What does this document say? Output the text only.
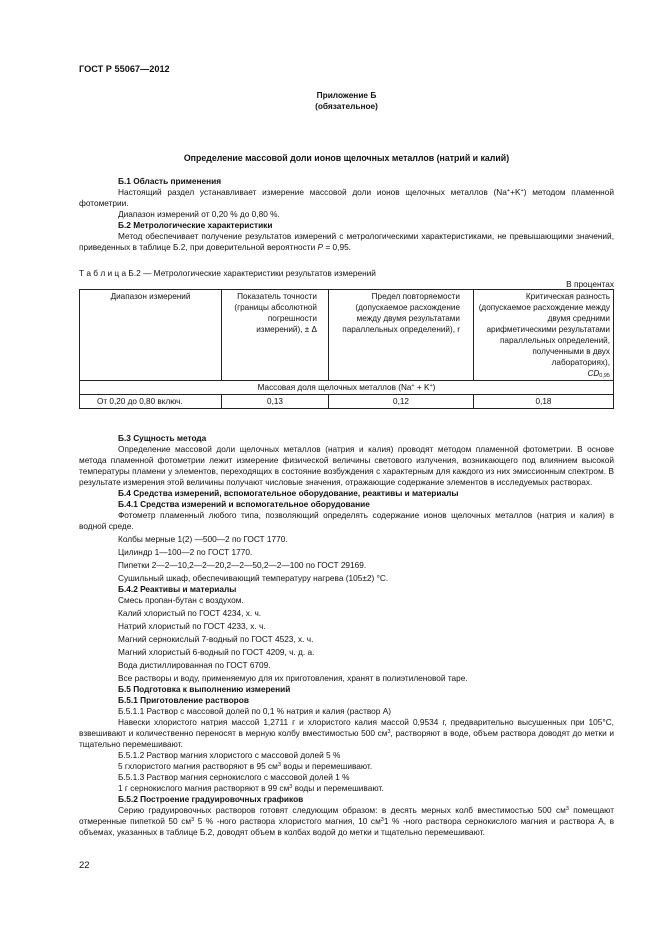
ГОСТ Р 55067—2012
Приложение Б
(обязательное)
Определение массовой доли ионов щелочных металлов (натрий и калий)

Б.1 Область применения

Настоящий раздел устанавливает измерение массовой доли ионов щелочных металлов (Na++K+) методом пламенной фотометрии.

Диапазон измерений от 0,20 % до 0,80 %.

Б.2 Метрологические характеристики

Метод обеспечивает получение результатов измерений с метрологическими характеристиками, не превышающими значений, приведенных в таблице Б.2, при доверительной вероятности P = 0,95.

Т а б л и ц а Б.2 — Метрологические характеристики результатов измерений
В процентах
Диапазон измерений	Показатель точности (границы абсолютной погрешности измерений), ± Δ	Предел повторяемости (допускаемое расхождение между двумя результатами параллельных определений), r	Критическая разность (допускаемое расхождение между двумя средними арифметическими результатами параллельных определений, полученными в двух лабораториях),
$CD_{0,95}$

Массовая доля щелочных металлов (Na+ + K+)			

От 0,20 до 0,80 включ.	0,13	0,12	0,18

Б.3 Сущность метода

Определение массовой доли щелочных металлов (натрия и калия) проводят методом пламенной фотометрии. В основе метода пламенной фотометрии лежит измерение физической величины светового излучения, возникающего под влиянием высокой температуры пламени у элементов, переходящих в состояние возбуждения с характерным для каждого из них эмиссионным спектром. В результате измерения этой величины получают числовые значения, отражающие содержание элементов в исследуемых растворах.

Б.4 Средства измерений, вспомогательное оборудование, реактивы и материалы

Б.4.1 Средства измерений и вспомогательное оборудование

Фотометр пламенный любого типа, позволяющий определять содержание ионов щелочных металлов (натрия и калия) в водной среде.

Колбы мерные 1(2) —500—2 по ГОСТ 1770.

Цилиндр 1—100—2 по ГОСТ 1770.

Пипетки 2—2—10,2—2—20,2—2—50,2—2—100 по ГОСТ 29169.

Сушильный шкаф, обеспечивающий температуру нагрева (105±2) °С.

Б.4.2 Реактивы и материалы

Смесь пропан-бутан с воздухом.

Калий хлористый по ГОСТ 4234, х. ч.

Натрий хлористый по ГОСТ 4233, х. ч.

Магний сернокислый 7-водный по ГОСТ 4523, х. ч.

Магний хлористый 6-водный по ГОСТ 4209, ч. д. а.

Вода дистиллированная по ГОСТ 6709.

Все растворы и воду, применяемую для их приготовления, хранят в полиэтиленовой таре.

Б.5 Подготовка к выполнению измерений

Б.5.1 Приготовление растворов

Б.5.1.1 Раствор с массовой долей по 0,1 % натрия и калия (раствор А)

Навески хлористого натрия массой 1,2711 г и хлористого калия массой 0,9534 г, предварительно высушенных при 105°С, взвешивают и количественно переносят в мерную колбу вместимостью 500 $см^3$, растворяют в воде, объем раствора доводят до метки и тщательно перемешивают.

Б.5.1.2 Раствор магния хлористого с массовой долей 5 %

5 гхлористого магния растворяют в 95 $см^3$ воды и перемешивают.

Б.5.1.3 Раствор магния сернокислого с массовой долей 1 %

1 г сернокислого магния растворяют в 99 $см^3$ воды и перемешивают.

Б.5.2 Построение градуировочных графиков

Серию градуировочных растворов готовят следующим образом: в десять мерных колб вместимостью 500 $см^3$ помещают отмеренные пипеткой 50 $см^3$ 5 % -ного раствора хлористого магния, 10 $см^31$ % -ного раствора сернокислого магния и раствора А, в объемах, указанных в таблице Б.2, доводят объем в колбах водой до метки и тщательно перемешивают.

22
